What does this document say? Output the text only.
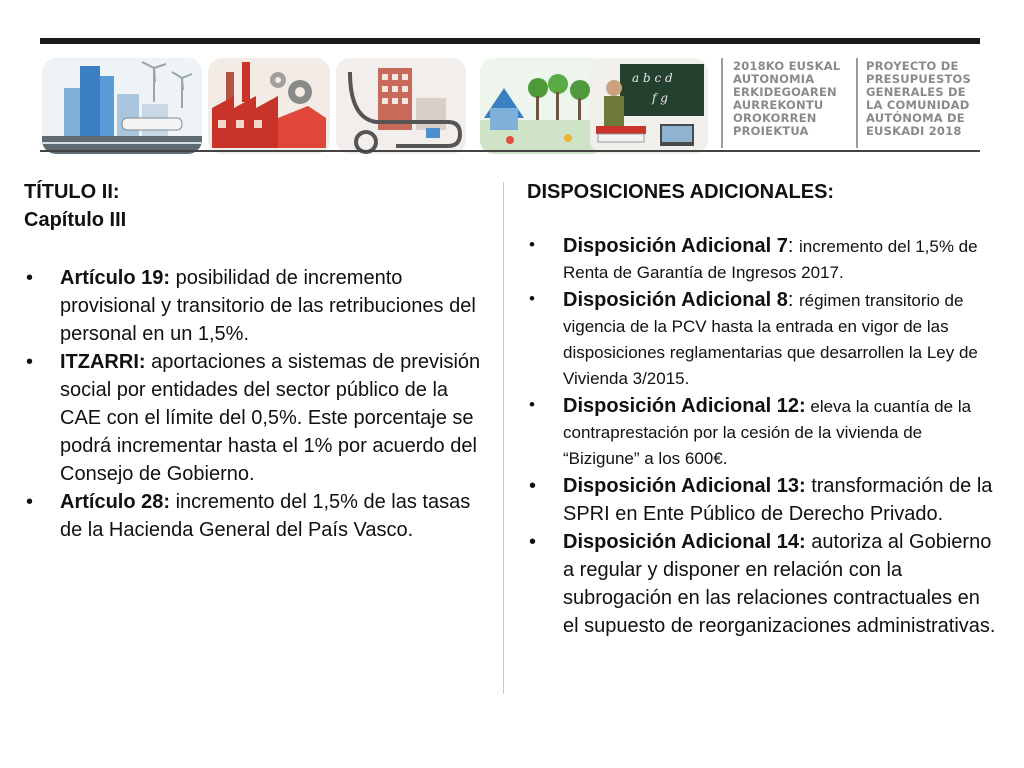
a b c d
f g
2018KO EUSKAL
AUTONOMIA
ERKIDEGOAREN
AURREKONTU
OROKORREN
PROIEKTUA
PROYECTO DE
PRESUPUESTOS
GENERALES DE
LA COMUNIDAD
AUTÓNOMA DE
EUSKADI 2018
TÍTULO II:
Capítulo III
• Artículo 19: posibilidad de incremento provisional y transitorio de las retribuciones del personal en un 1,5%.
• ITZARRI: aportaciones a sistemas de previsión social por entidades del sector público de la CAE con el límite del 0,5%. Este porcentaje se podrá incrementar hasta el 1% por acuerdo del Consejo de Gobierno.
• Artículo 28: incremento del 1,5% de las tasas de la Hacienda General del País Vasco.
DISPOSICIONES ADICIONALES:
• Disposición Adicional 7: incremento del 1,5% de Renta de Garantía de Ingresos 2017.
• Disposición Adicional 8: régimen transitorio de vigencia de la PCV hasta la entrada en vigor de las disposiciones reglamentarias que desarrollen la Ley de Vivienda 3/2015.
• Disposición Adicional 12: eleva la cuantía de la contraprestación por la cesión de la vivienda de “Bizigune” a los 600€.
• Disposición Adicional 13: transformación de la SPRI en Ente Público de Derecho Privado.
• Disposición Adicional 14: autoriza al Gobierno a regular y disponer en relación con la subrogación en las relaciones contractuales en el supuesto de reorganizaciones administrativas.
